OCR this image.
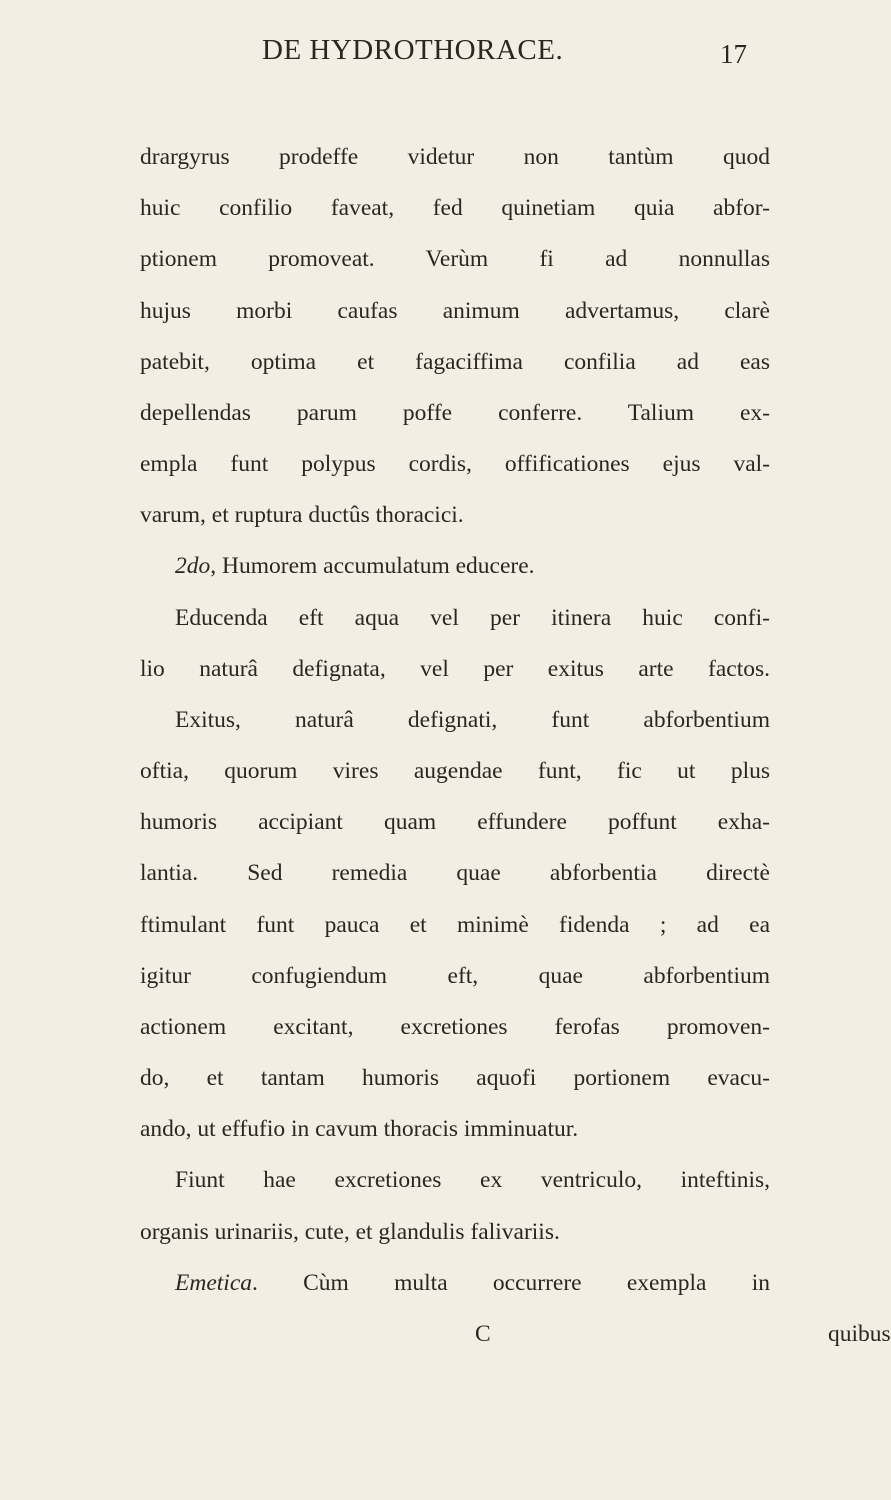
DE HYDROTHORACE.	17
drargyrus prodeffe videtur non tantùm quod
huic confilio faveat, fed quinetiam quia abfor-
ptionem promoveat. Verùm fi ad nonnullas
hujus morbi caufas animum advertamus, clarè
patebit, optima et fagaciffima confilia ad eas
depellendas parum poffe conferre. Talium ex-
empla funt polypus cordis, offificationes ejus val-
varum, et ruptura ductûs thoracici.
2do, Humorem accumulatum educere.
Educenda eft aqua vel per itinera huic confi-
lio naturâ defignata, vel per exitus arte factos.
Exitus, naturâ defignati, funt abforbentium
oftia, quorum vires augendae funt, fic ut plus
humoris accipiant quam effundere poffunt exha-
lantia. Sed remedia quae abforbentia directè
ftimulant funt pauca et minimè fidenda ; ad ea
igitur confugiendum eft, quae abforbentium
actionem excitant, excretiones ferofas promoven-
do, et tantam humoris aquofi portionem evacu-
ando, ut effufio in cavum thoracis imminuatur.
Fiunt hae excretiones ex ventriculo, inteftinis,
organis urinariis, cute, et glandulis falivariis.
Emetica. Cùm multa occurrere exempla in
C	quibus
